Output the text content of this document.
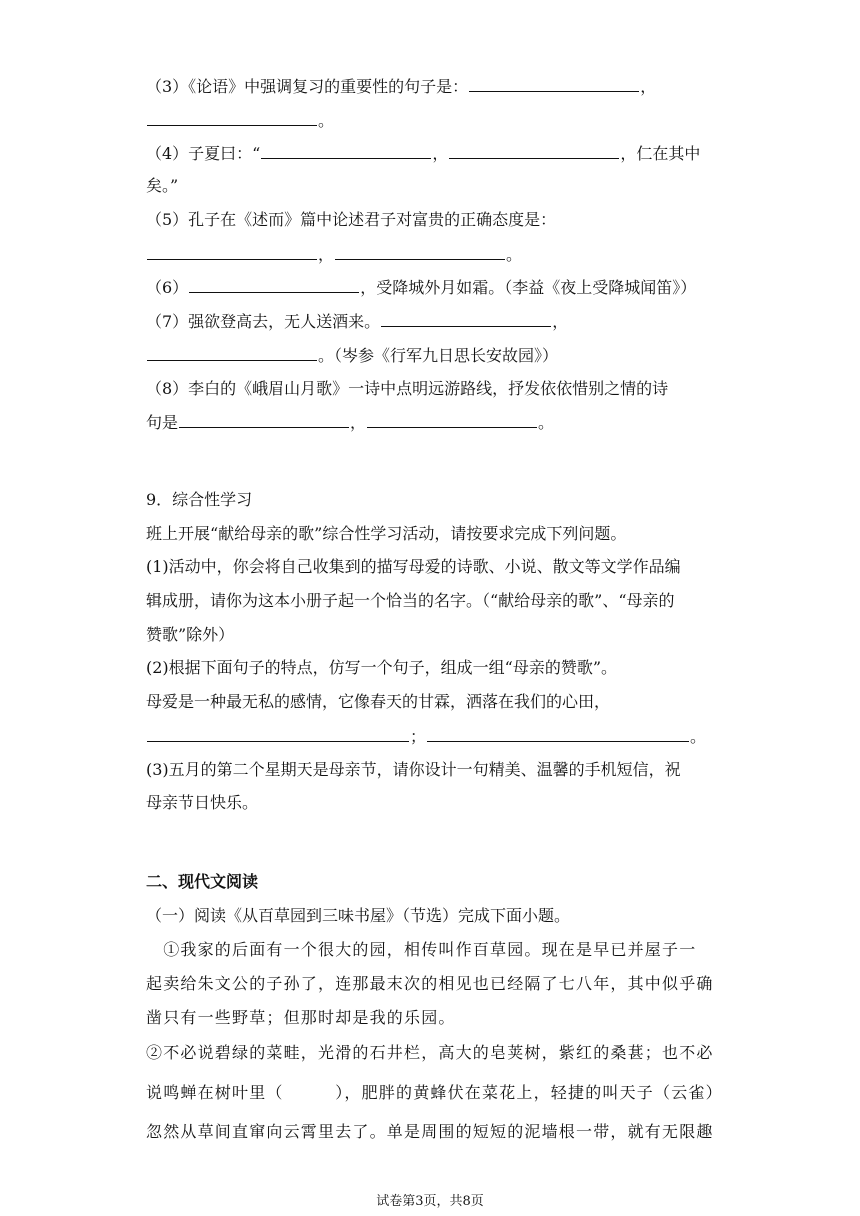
（3）《论语》中强调复习的重要性的句子是：	，
。
（4）子夏曰：“	，	，仁在其中
矣。”
（5）孔子在《述而》篇中论述君子对富贵的正确态度是：
，	。
（6）	，受降城外月如霜。（李益《夜上受降城闻笛》）
（7）强欲登高去，无人送酒来。	，
。（岑参《行军九日思长安故园》）
（8）李白的《峨眉山月歌》一诗中点明远游路线，抒发依依惜别之情的诗
句是	，	。
9．综合性学习
班上开展“献给母亲的歌”综合性学习活动，请按要求完成下列问题。
(1)活动中，你会将自己收集到的描写母爱的诗歌、小说、散文等文学作品编
辑成册，请你为这本小册子起一个恰当的名字。（“献给母亲的歌”、“母亲的
赞歌”除外）
(2)根据下面句子的特点，仿写一个句子，组成一组“母亲的赞歌”。
母爱是一种最无私的感情，它像春天的甘霖，洒落在我们的心田，
；	。
(3)五月的第二个星期天是母亲节，请你设计一句精美、温馨的手机短信，祝
母亲节日快乐。
二、现代文阅读
（一）阅读《从百草园到三味书屋》（节选）完成下面小题。
　①我家的后面有一个很大的园，相传叫作百草园。现在是早已并屋子一
起卖给朱文公的子孙了，连那最末次的相见也已经隔了七八年，其中似乎确
凿只有一些野草；但那时却是我的乐园。
②不必说碧绿的菜畦，光滑的石井栏，高大的皂荚树，紫红的桑葚；也不必
说鸣蝉在树叶里（　　　），肥胖的黄蜂伏在菜花上，轻捷的叫天子（云雀）
忽然从草间直窜向云霄里去了。单是周围的短短的泥墙根一带，就有无限趣
试卷第3页，共8页
